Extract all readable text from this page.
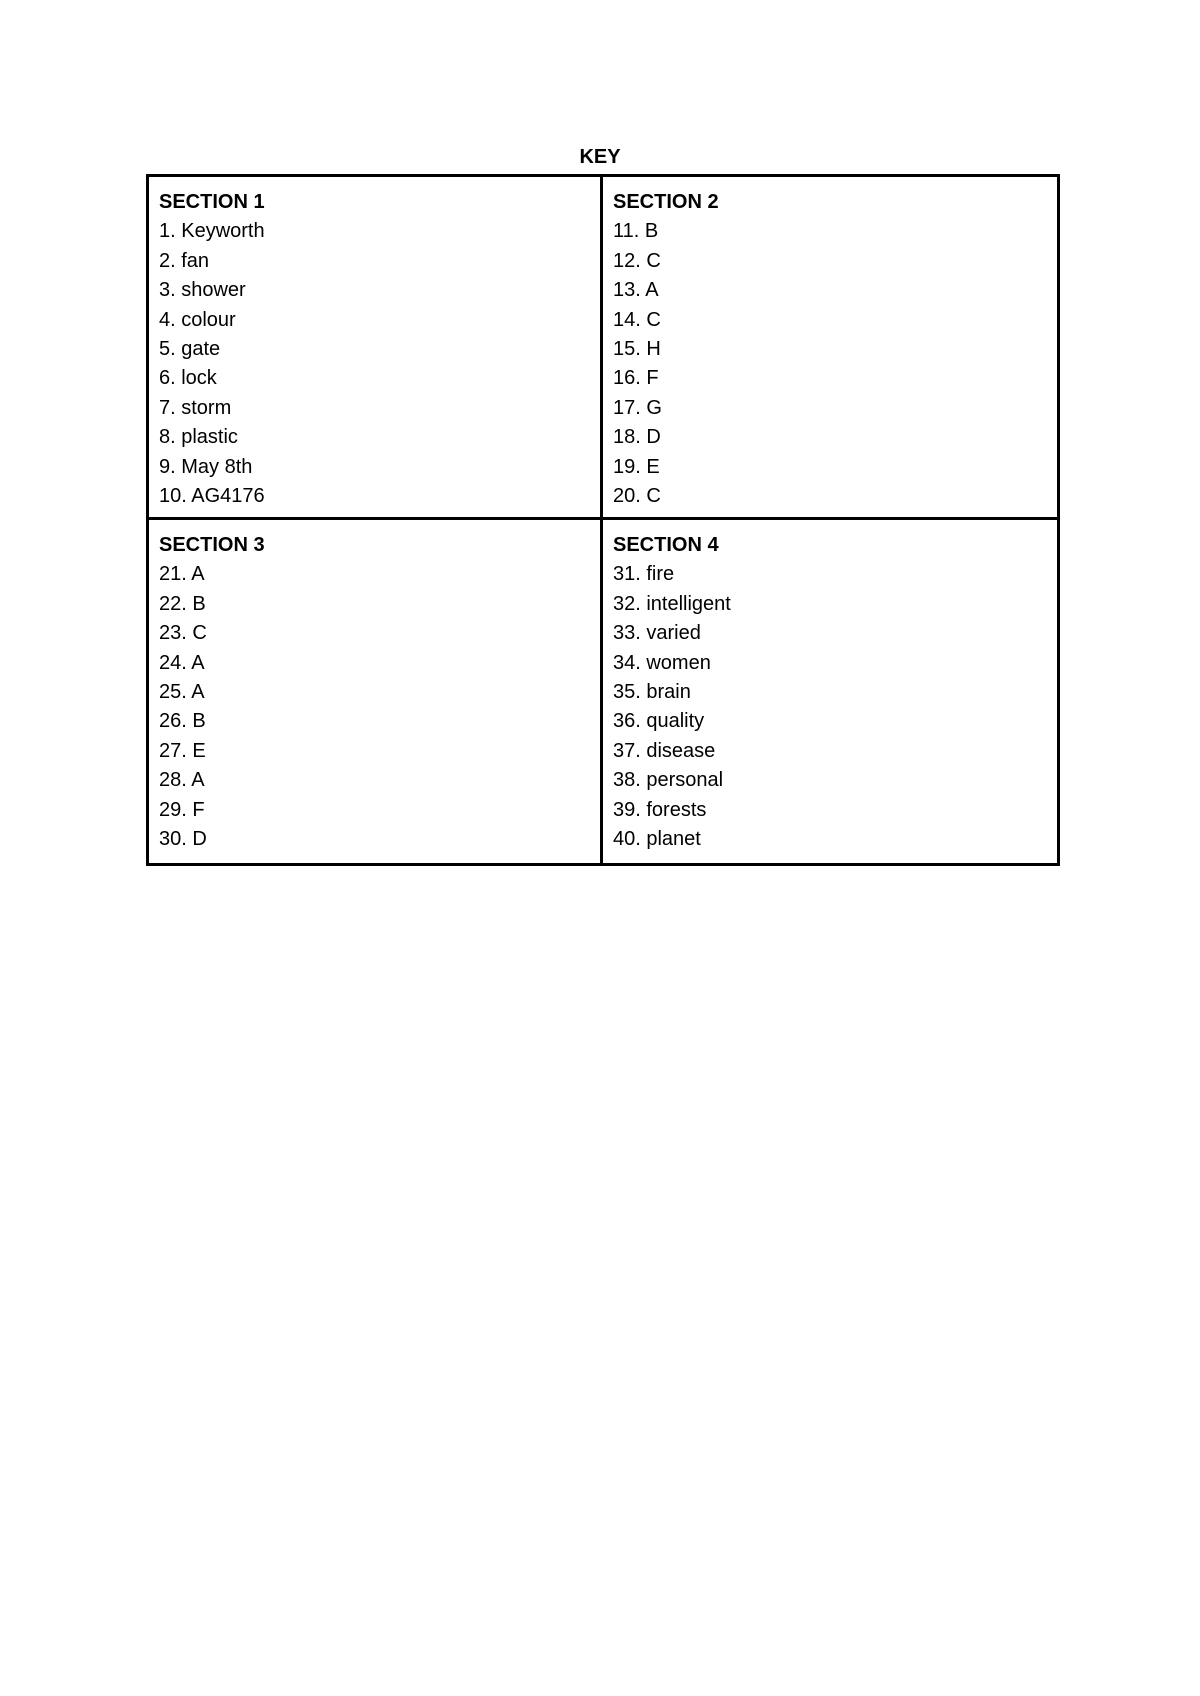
KEY
SECTION 1
1. Keyworth
2. fan
3. shower
4. colour
5. gate
6. lock
7. storm
8. plastic
9. May 8th
10. AG4176
SECTION 2
11. B
12. C
13. A
14. C
15. H
16. F
17. G
18. D
19. E
20. C
SECTION 3
21. A
22. B
23. C
24. A
25. A
26. B
27. E
28. A
29. F
30. D
SECTION 4
31. fire
32. intelligent
33. varied
34. women
35. brain
36. quality
37. disease
38. personal
39. forests
40. planet
